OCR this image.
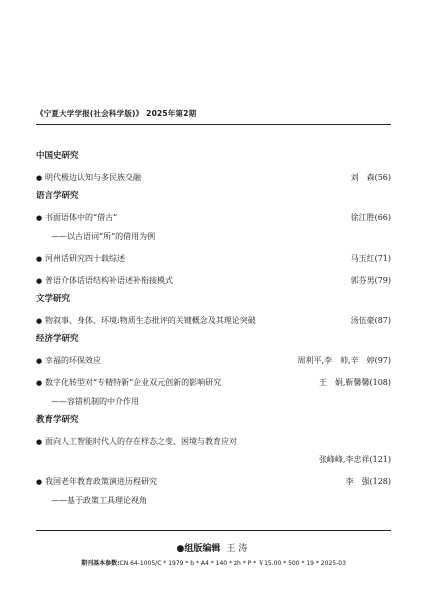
《宁夏大学学报(社会科学版)》 2025年第2期
中国史研究
● 明代极边认知与多民族交融	刘　森(56)
语言学研究
● 书面语体中的“借古”	徐江胜(66)
——以古语词“所”的借用为例
● 河州话研究四十载综述	马玉红(71)
● 普语介体话语结构补语述补衔接模式	郭芬男(79)
文学研究
● 物叙事、身体、环境:物质生态批评的关键概念及其理论突破	汤伍豪(87)
经济学研究
● 幸福的环保效应	周利平,李　帅,辛　婷(97)
● 数字化转型对“专精特新”企业双元创新的影响研究	王　娟,靳馨馨(108)
——容错机制的中介作用
教育学研究
● 面向人工智能时代人的存在样态之变、困境与教育应对
张峰峰,李忠祥(121)
● 我国老年教育政策演进历程研究	李　强(128)
——基于政策工具理论视角
●组版编辑 王涛
期刊基本参数:CN 64-1005/C * 1979 * b * A4 * 140 * zh * P * ￥15.00 * 500 * 19 * 2025-03
